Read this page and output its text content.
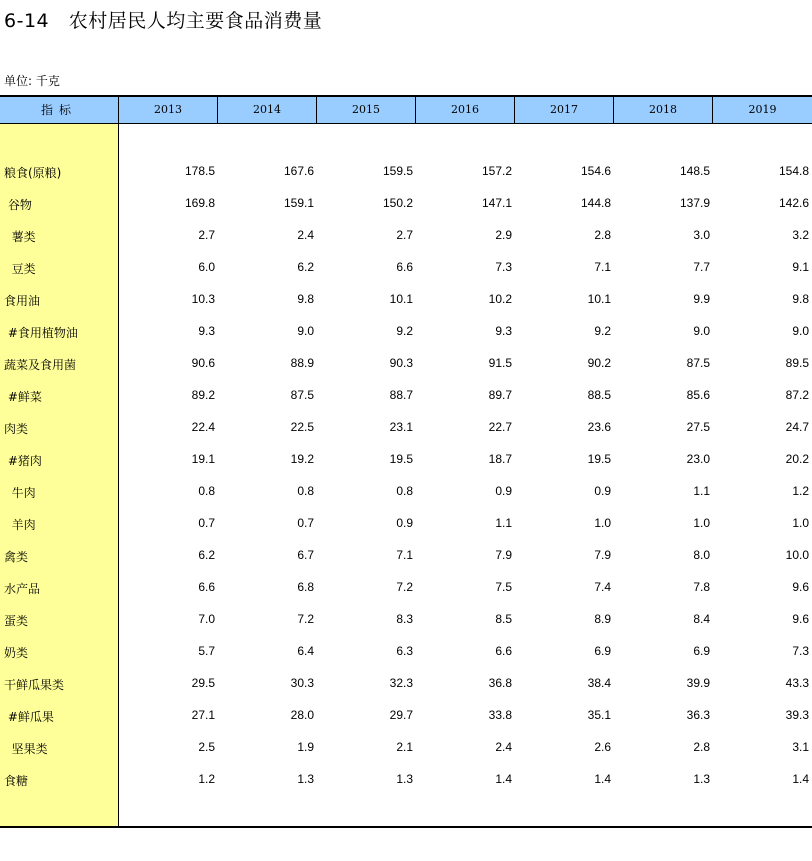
6-14   农村居民人均主要食品消费量
单位: 千克
指标	2013	2014	2015	2016	2017	2018	2019
粮食(原粮)	178.5	167.6	159.5	157.2	154.6	148.5	154.8
谷物	169.8	159.1	150.2	147.1	144.8	137.9	142.6
薯类	2.7	2.4	2.7	2.9	2.8	3.0	3.2
豆类	6.0	6.2	6.6	7.3	7.1	7.7	9.1
食用油	10.3	9.8	10.1	10.2	10.1	9.9	9.8
#食用植物油	9.3	9.0	9.2	9.3	9.2	9.0	9.0
蔬菜及食用菌	90.6	88.9	90.3	91.5	90.2	87.5	89.5
#鲜菜	89.2	87.5	88.7	89.7	88.5	85.6	87.2
肉类	22.4	22.5	23.1	22.7	23.6	27.5	24.7
#猪肉	19.1	19.2	19.5	18.7	19.5	23.0	20.2
牛肉	0.8	0.8	0.8	0.9	0.9	1.1	1.2
羊肉	0.7	0.7	0.9	1.1	1.0	1.0	1.0
禽类	6.2	6.7	7.1	7.9	7.9	8.0	10.0
水产品	6.6	6.8	7.2	7.5	7.4	7.8	9.6
蛋类	7.0	7.2	8.3	8.5	8.9	8.4	9.6
奶类	5.7	6.4	6.3	6.6	6.9	6.9	7.3
干鲜瓜果类	29.5	30.3	32.3	36.8	38.4	39.9	43.3
#鲜瓜果	27.1	28.0	29.7	33.8	35.1	36.3	39.3
坚果类	2.5	1.9	2.1	2.4	2.6	2.8	3.1
食糖	1.2	1.3	1.3	1.4	1.4	1.3	1.4
